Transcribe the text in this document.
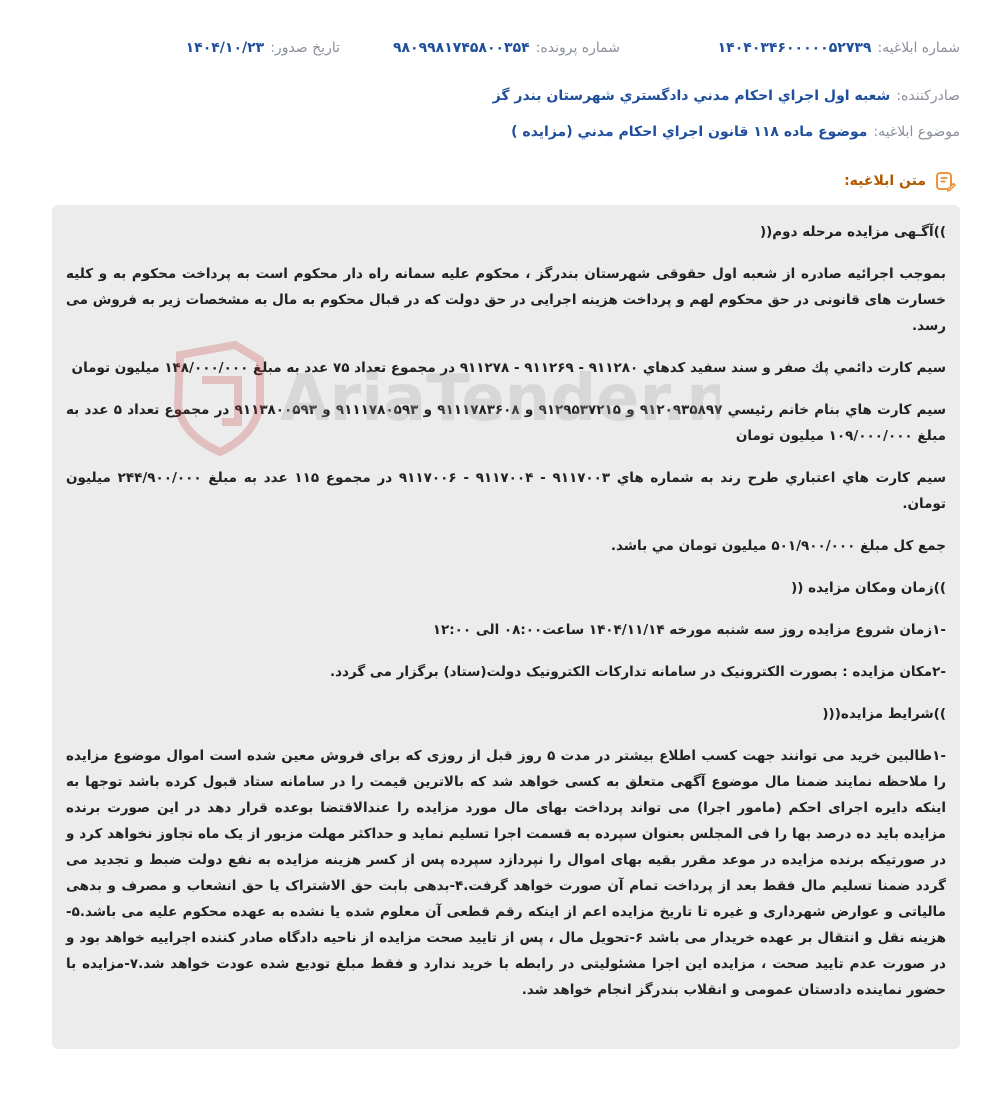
شماره ابلاغیه:
۱۴۰۴۰۳۴۶۰۰۰۰۰۵۲۷۳۹
شماره پرونده:
۹۸۰۹۹۸۱۷۴۵۸۰۰۳۵۴
تاریخ صدور:
۱۴۰۴/۱۰/۲۳
صادرکننده:
شعبه اول اجراي احكام مدني دادگستري شهرستان بندر گز
موضوع ابلاغیه:
موضوع ماده ۱۱۸ قانون اجراي احكام مدني (مزايده )
متن ابلاغیه:

))آگـهی مزایده مرحله دوم((

بموجب اجرائیه صادره از شعبه اول حقوقی شهرستان بندرگز ، محکوم علیه سمانه راه دار محکوم است به پرداخت محکوم به و کلیه خسارت های قانونی در حق محکوم لهم و پرداخت هزینه اجرایی در حق دولت که در قبال محکوم به مال به مشخصات زیر به فروش می رسد.

سیم کارت دائمي پك صفر و سند سفید کدهاي ۹۱۱۲۸۰ - ۹۱۱۲۶۹ - ۹۱۱۲۷۸ در مجموع تعداد ۷۵ عدد به مبلغ ۱۴۸/۰۰۰/۰۰۰ میلیون تومان

سیم کارت هاي بنام خانم رئیسي ۹۱۲۰۹۳۵۸۹۷ و ۹۱۲۹۵۳۷۲۱۵ و ۹۱۱۱۷۸۳۶۰۸ و ۹۱۱۱۷۸۰۵۹۳ و ۹۱۱۳۸۰۰۵۹۳ در مجموع تعداد ۵ عدد به مبلغ ۱۰۹/۰۰۰/۰۰۰ میلیون تومان

سیم کارت هاي اعتباري طرح رند به شماره هاي ۹۱۱۷۰۰۳ - ۹۱۱۷۰۰۴ - ۹۱۱۷۰۰۶ در مجموع ۱۱۵ عدد به مبلغ ۲۴۴/۹۰۰/۰۰۰ میلیون تومان.

جمع کل مبلغ ۵۰۱/۹۰۰/۰۰۰ میلیون تومان مي باشد.

))زمان ومکان مزایده ((

-۱زمان شروع مزایده روز سه شنبه مورخه ۱۴۰۴/۱۱/۱۴ ساعت۰۸:۰۰ الی ۱۲:۰۰

-۲مکان مزایده : بصورت الکترونیک در سامانه تدارکات الکترونیک دولت(ستاد) برگزار می گردد.

))شرایط مزایده(((

-۱طالبین خرید می توانند جهت کسب اطلاع بیشتر در مدت ۵ روز قبل از روزی که برای فروش معین شده است اموال موضوع مزایده را ملاحظه نمایند ضمنا مال موضوع آگهی متعلق به کسی خواهد شد که بالاترین قیمت را در سامانه ستاد قبول کرده باشد توجها به اینکه دایره اجرای احکم (مامور اجرا) می تواند پرداخت بهای مال مورد مزایده را عندالاقتضا بوعده قرار دهد در این صورت برنده مزایده باید ده درصد بها را فی المجلس بعنوان سپرده به قسمت اجرا تسلیم نماید و حداکثر مهلت مزبور از یک ماه تجاوز نخواهد کرد و در صورتیکه برنده مزایده در موعد مقرر بقیه بهای اموال را نپردازد سپرده پس از کسر هزینه مزایده به نفع دولت ضبط و تجدید می گردد ضمنا تسلیم مال فقط بعد از پرداخت تمام آن صورت خواهد گرفت.۴-بدهی بابت حق الاشتراک یا حق انشعاب و مصرف و بدهی مالیاتی و عوارض شهرداری و غیره تا تاریخ مزایده اعم از اینکه رقم قطعی آن معلوم شده یا نشده به عهده محکوم علیه می باشد.۵- هزینه نقل و انتقال بر عهده خریدار می باشد ۶-تحویل مال ، پس از تایید صحت مزایده از ناحیه دادگاه صادر کننده اجراییه خواهد بود و در صورت عدم تایید صحت ، مزایده این اجرا مشئولیتی در رابطه با خرید ندارد و فقط مبلغ تودیع شده عودت خواهد شد.۷-مزایده با حضور نماینده دادستان عمومی و انقلاب بندرگز انجام خواهد شد.

AriaTender.n
